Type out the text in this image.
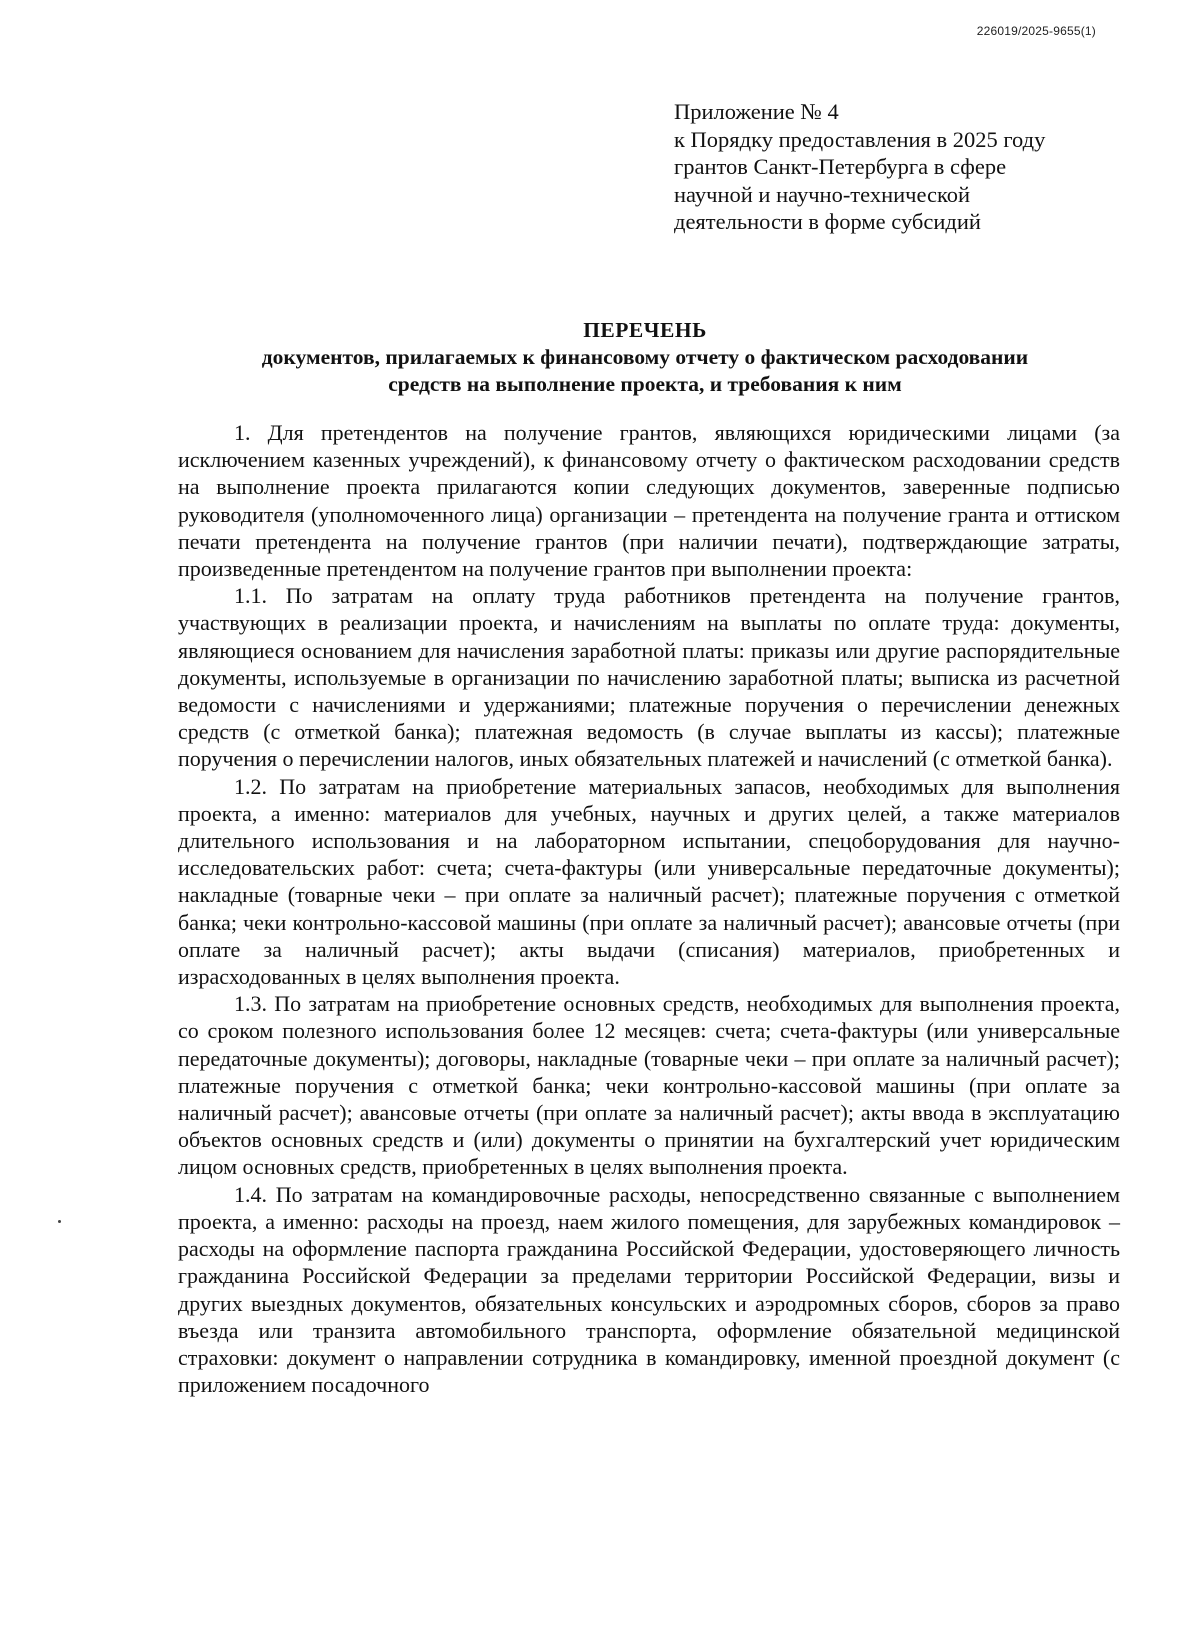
226019/2025-9655(1)
Приложение № 4
к Порядку предоставления в 2025 году
грантов Санкт-Петербурга в сфере
научной и научно-технической
деятельности в форме субсидий
ПЕРЕЧЕНЬ
документов, прилагаемых к финансовому отчету о фактическом расходовании
средств на выполнение проекта, и требования к ним

1. Для претендентов на получение грантов, являющихся юридическими лицами (за исключением казенных учреждений), к финансовому отчету о фактическом расходовании средств на выполнение проекта прилагаются копии следующих документов, заверенные подписью руководителя (уполномоченного лица) организации – претендента на получение гранта и оттиском печати претендента на получение грантов (при наличии печати), подтверждающие затраты, произведенные претендентом на получение грантов при выполнении проекта:

1.1. По затратам на оплату труда работников претендента на получение грантов, участвующих в реализации проекта, и начислениям на выплаты по оплате труда: документы, являющиеся основанием для начисления заработной платы: приказы или другие распорядительные документы, используемые в организации по начислению заработной платы; выписка из расчетной ведомости с начислениями и удержаниями; платежные поручения о перечислении денежных средств (с отметкой банка); платежная ведомость (в случае выплаты из кассы); платежные поручения о перечислении налогов, иных обязательных платежей и начислений (с отметкой банка).

1.2. По затратам на приобретение материальных запасов, необходимых для выполнения проекта, а именно: материалов для учебных, научных и других целей, а также материалов длительного использования и на лабораторном испытании, спецоборудования для научно-исследовательских работ: счета; счета-фактуры (или универсальные передаточные документы); накладные (товарные чеки – при оплате за наличный расчет); платежные поручения с отметкой банка; чеки контрольно-кассовой машины (при оплате за наличный расчет); авансовые отчеты (при оплате за наличный расчет); акты выдачи (списания) материалов, приобретенных и израсходованных в целях выполнения проекта.

1.3. По затратам на приобретение основных средств, необходимых для выполнения проекта, со сроком полезного использования более 12 месяцев: счета; счета-фактуры (или универсальные передаточные документы); договоры, накладные (товарные чеки – при оплате за наличный расчет); платежные поручения с отметкой банка; чеки контрольно-кассовой машины (при оплате за наличный расчет); авансовые отчеты (при оплате за наличный расчет); акты ввода в эксплуатацию объектов основных средств и (или) документы о принятии на бухгалтерский учет юридическим лицом основных средств, приобретенных в целях выполнения проекта.

1.4. По затратам на командировочные расходы, непосредственно связанные с выполнением проекта, а именно: расходы на проезд, наем жилого помещения, для зарубежных командировок – расходы на оформление паспорта гражданина Российской Федерации, удостоверяющего личность гражданина Российской Федерации за пределами территории Российской Федерации, визы и других выездных документов, обязательных консульских и аэродромных сборов, сборов за право въезда или транзита автомобильного транспорта, оформление обязательной медицинской страховки: документ о направлении сотрудника в командировку, именной проездной документ (с приложением посадочного
